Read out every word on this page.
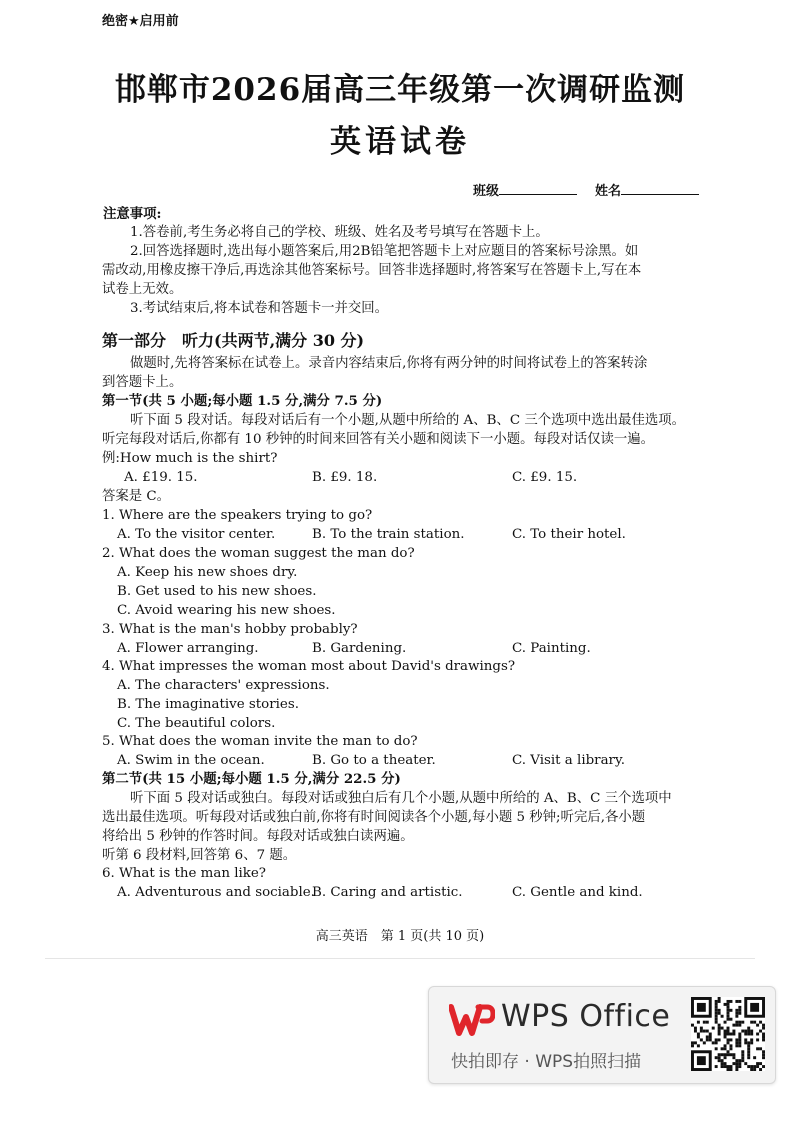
绝密★启用前
邯郸市2026届高三年级第一次调研监测
英语试卷
班级	姓名
注意事项:
1.答卷前,考生务必将自己的学校、班级、姓名及考号填写在答题卡上。
2.回答选择题时,选出每小题答案后,用2B铅笔把答题卡上对应题目的答案标号涂黑。如
需改动,用橡皮擦干净后,再选涂其他答案标号。回答非选择题时,将答案写在答题卡上,写在本
试卷上无效。
3.考试结束后,将本试卷和答题卡一并交回。
第一部分　听力(共两节,满分 30 分)
做题时,先将答案标在试卷上。录音内容结束后,你将有两分钟的时间将试卷上的答案转涂
到答题卡上。
第一节(共 5 小题;每小题 1.5 分,满分 7.5 分)
听下面 5 段对话。每段对话后有一个小题,从题中所给的 A、B、C 三个选项中选出最佳选项。
听完每段对话后,你都有 10 秒钟的时间来回答有关小题和阅读下一小题。每段对话仅读一遍。
例:How much is the shirt?
A. £19. 15.	B. £9. 18.	C. £9. 15.
答案是 C。
1. Where are the speakers trying to go?
A. To the visitor center.	B. To the train station.	C. To their hotel.
2. What does the woman suggest the man do?
A. Keep his new shoes dry.
B. Get used to his new shoes.
C. Avoid wearing his new shoes.
3. What is the man's hobby probably?
A. Flower arranging.	B. Gardening.	C. Painting.
4. What impresses the woman most about David's drawings?
A. The characters' expressions.
B. The imaginative stories.
C. The beautiful colors.
5. What does the woman invite the man to do?
A. Swim in the ocean.	B. Go to a theater.	C. Visit a library.
第二节(共 15 小题;每小题 1.5 分,满分 22.5 分)
听下面 5 段对话或独白。每段对话或独白后有几个小题,从题中所给的 A、B、C 三个选项中
选出最佳选项。听每段对话或独白前,你将有时间阅读各个小题,每小题 5 秒钟;听完后,各小题
将给出 5 秒钟的作答时间。每段对话或独白读两遍。
听第 6 段材料,回答第 6、7 题。
6. What is the man like?
A. Adventurous and sociable.
B. Caring and artistic.	C. Gentle and kind.
高三英语　第 1 页(共 10 页)
WPS Office
快拍即存 · WPS拍照扫描
